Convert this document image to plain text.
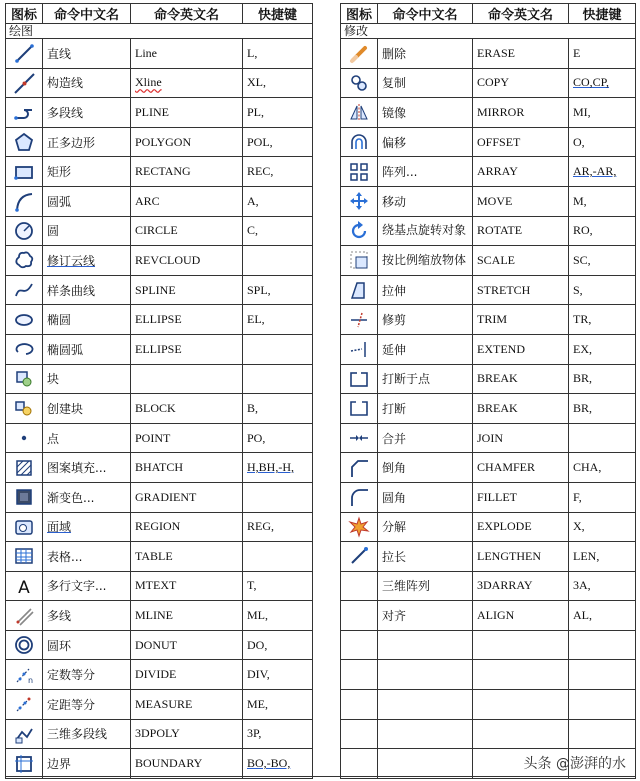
图标	命令中文名	命令英文名	快捷键
绘图			

	直线	Line	L,

	构造线	Xline	XL,

	多段线	PLINE	PL,

	正多边形	POLYGON	POL,

	矩形	RECTANG	REC,

	圆弧	ARC	A,

	圆	CIRCLE	C,

	修订云线	REVCLOUD	

	样条曲线	SPLINE	SPL,

	椭圆	ELLIPSE	EL,

	椭圆弧	ELLIPSE	

	块		

	创建块	BLOCK	B,

	点	POINT	PO,

	图案填充...	BHATCH	H,BH,-H,

	渐变色...	GRADIENT	

	面域	REGION	REG,

	表格...	TABLE	

A	多行文字...	MTEXT	T,

	多线	MLINE	ML,

	圆环	DONUT	DO,

n	定数等分	DIVIDE	DIV,

	定距等分	MEASURE	ME,

	三维多段线	3DPOLY	3P,

	边界	BOUNDARY	BO,-BO,
图标	命令中文名	命令英文名	快捷键
修改			

	删除	ERASE	E

	复制	COPY	CO,CP,

	镜像	MIRROR	MI,

	偏移	OFFSET	O,

	阵列...	ARRAY	AR,-AR,

	移动	MOVE	M,

	绕基点旋转对象	ROTATE	RO,

	按比例缩放物体	SCALE	SC,

	拉伸	STRETCH	S,

	修剪	TRIM	TR,

	延伸	EXTEND	EX,

	打断于点	BREAK	BR,

	打断	BREAK	BR,

	合并	JOIN	

	倒角	CHAMFER	CHA,

	圆角	FILLET	F,

	分解	EXPLODE	X,

	拉长	LENGTHEN	LEN,
	三维阵列	3DARRAY	3A,
	对齐	ALIGN	AL,

头条 @澎湃的水
